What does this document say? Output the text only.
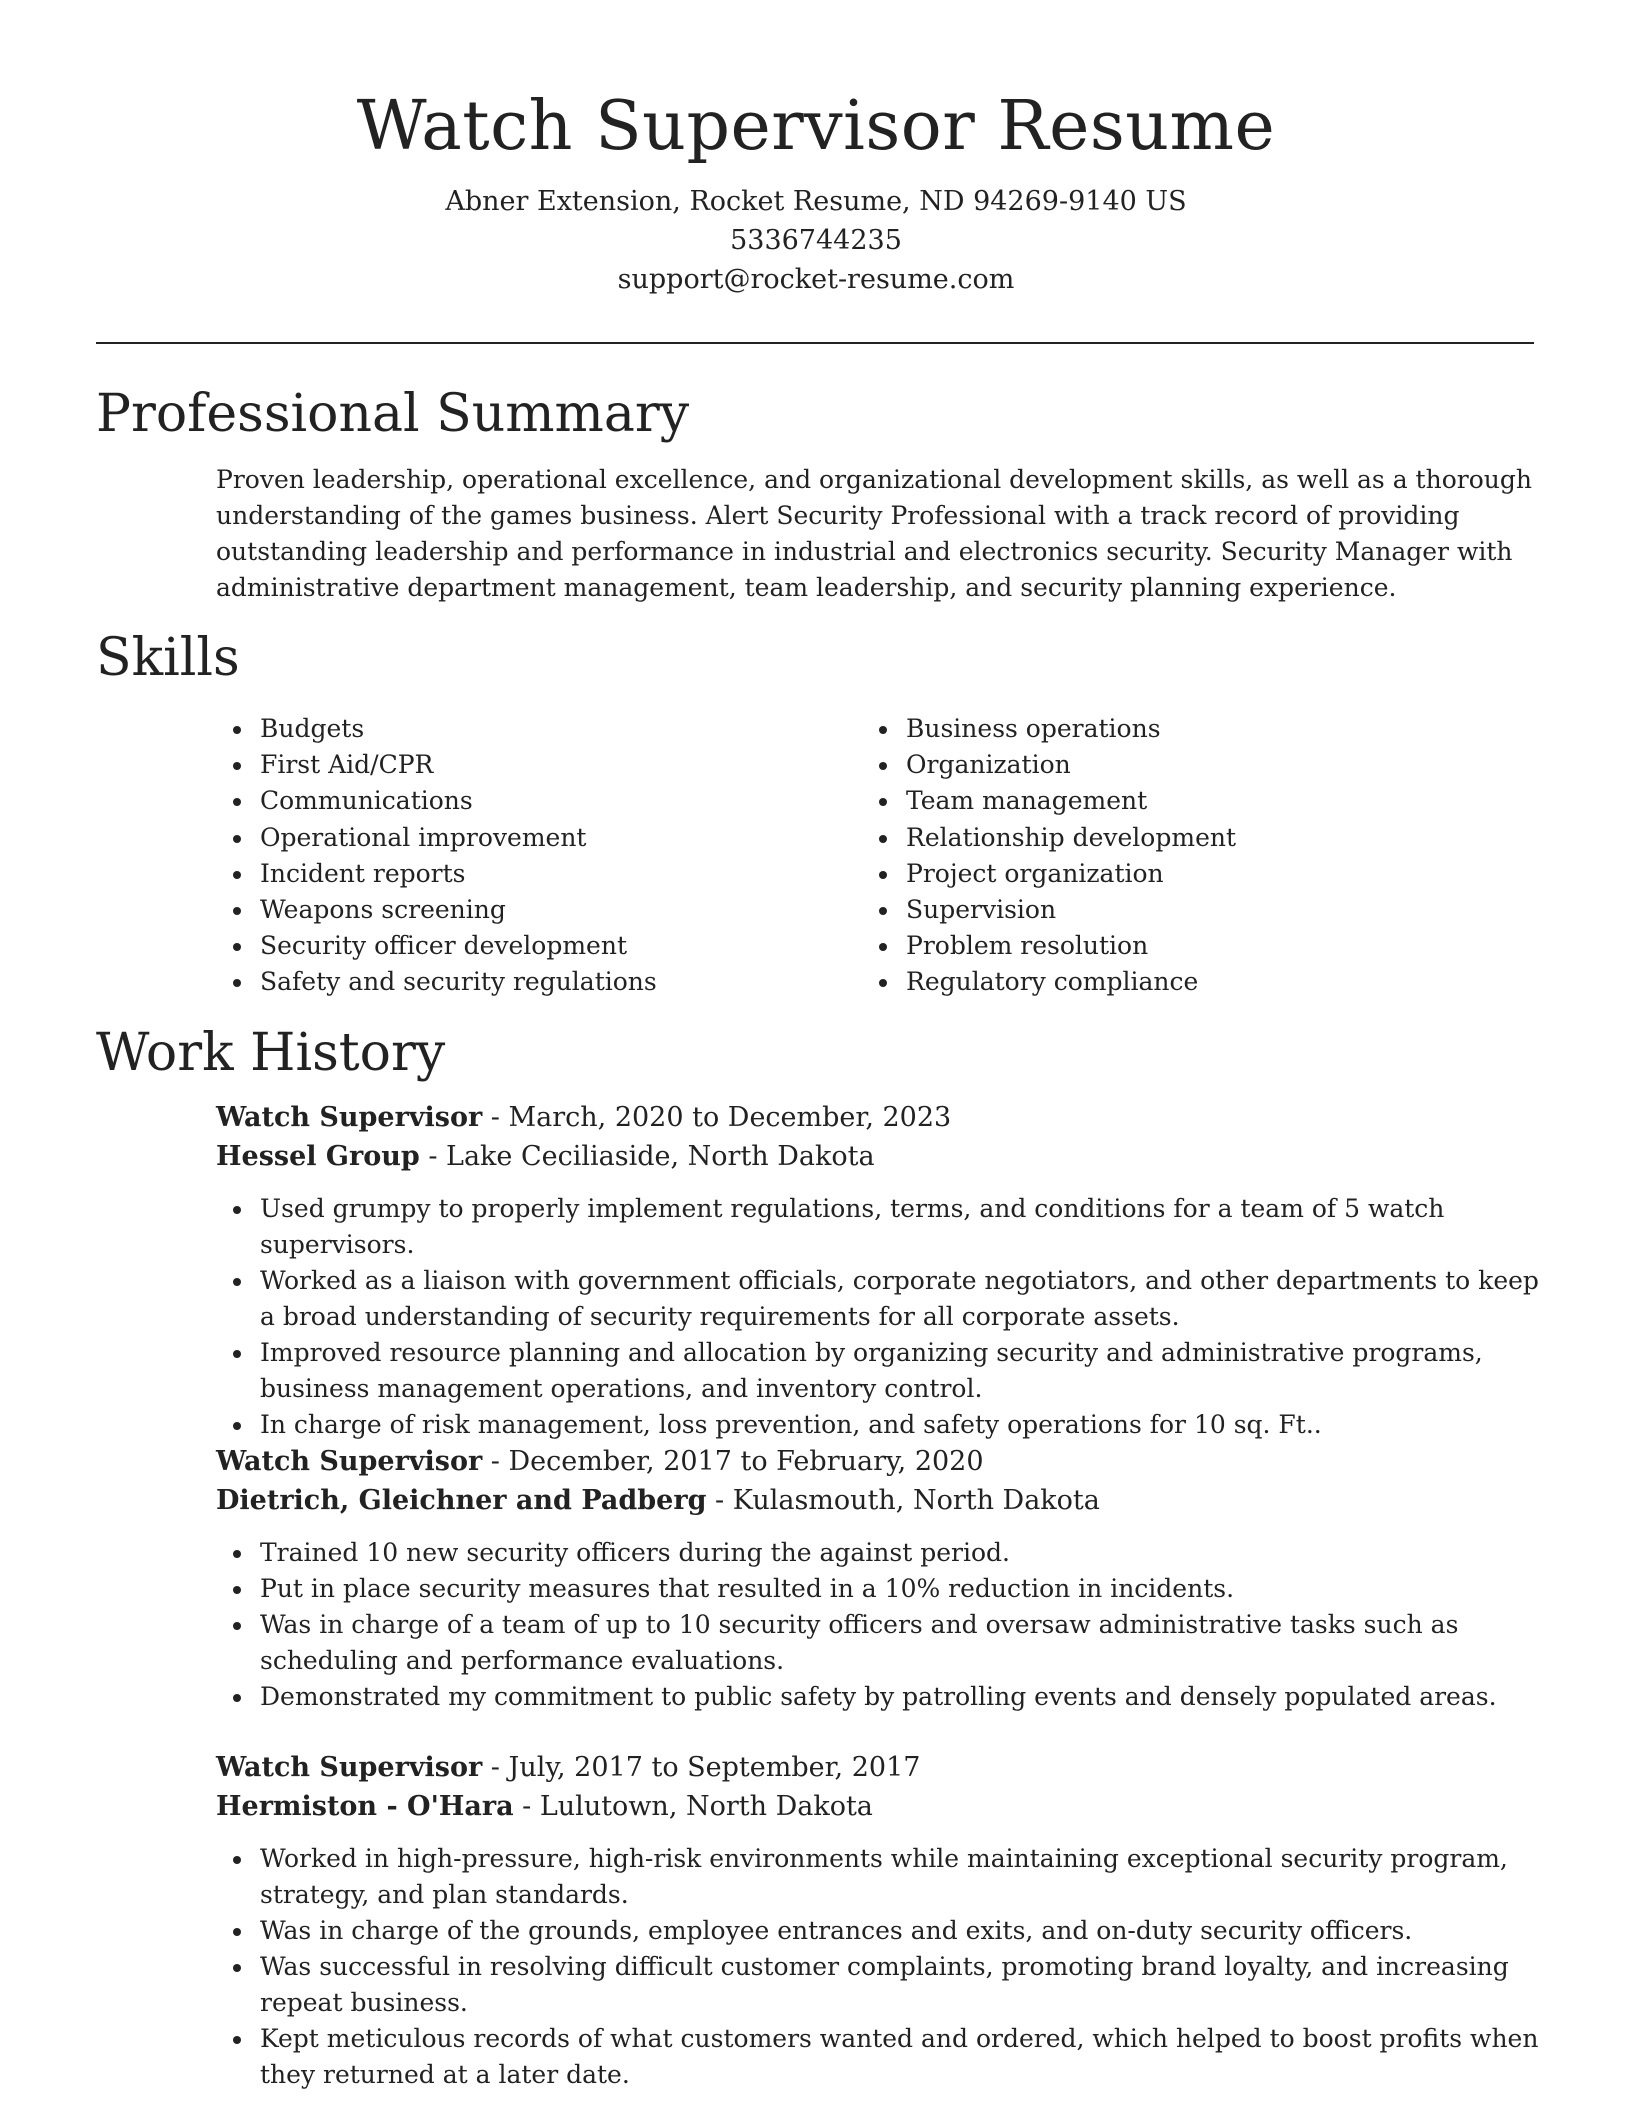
Watch Supervisor Resume
Abner Extension, Rocket Resume, ND 94269-9140 US
5336744235
support@rocket-resume.com
Professional Summary

Proven leadership, operational excellence, and organizational development skills, as well as a thorough understanding of the games business. Alert Security Professional with a track record of providing outstanding leadership and performance in industrial and electronics security. Security Manager with administrative department management, team leadership, and security planning experience.

Skills
Budgets
First Aid/CPR
Communications
Operational improvement
Incident reports
Weapons screening
Security officer development
Safety and security regulations
Business operations
Organization
Team management
Relationship development
Project organization
Supervision
Problem resolution
Regulatory compliance
Work History
Watch Supervisor - March, 2020 to December, 2023
Hessel Group - Lake Ceciliaside, North Dakota
Used grumpy to properly implement regulations, terms, and conditions for a team of 5 watch supervisors.
Worked as a liaison with government officials, corporate negotiators, and other departments to keep a broad understanding of security requirements for all corporate assets.
Improved resource planning and allocation by organizing security and administrative programs, business management operations, and inventory control.
In charge of risk management, loss prevention, and safety operations for 10 sq. Ft..
Watch Supervisor - December, 2017 to February, 2020
Dietrich, Gleichner and Padberg - Kulasmouth, North Dakota
Trained 10 new security officers during the against period.
Put in place security measures that resulted in a 10% reduction in incidents.
Was in charge of a team of up to 10 security officers and oversaw administrative tasks such as scheduling and performance evaluations.
Demonstrated my commitment to public safety by patrolling events and densely populated areas.
Watch Supervisor - July, 2017 to September, 2017
Hermiston - O'Hara - Lulutown, North Dakota
Worked in high-pressure, high-risk environments while maintaining exceptional security program, strategy, and plan standards.
Was in charge of the grounds, employee entrances and exits, and on-duty security officers.
Was successful in resolving difficult customer complaints, promoting brand loyalty, and increasing repeat business.
Kept meticulous records of what customers wanted and ordered, which helped to boost profits when they returned at a later date.
